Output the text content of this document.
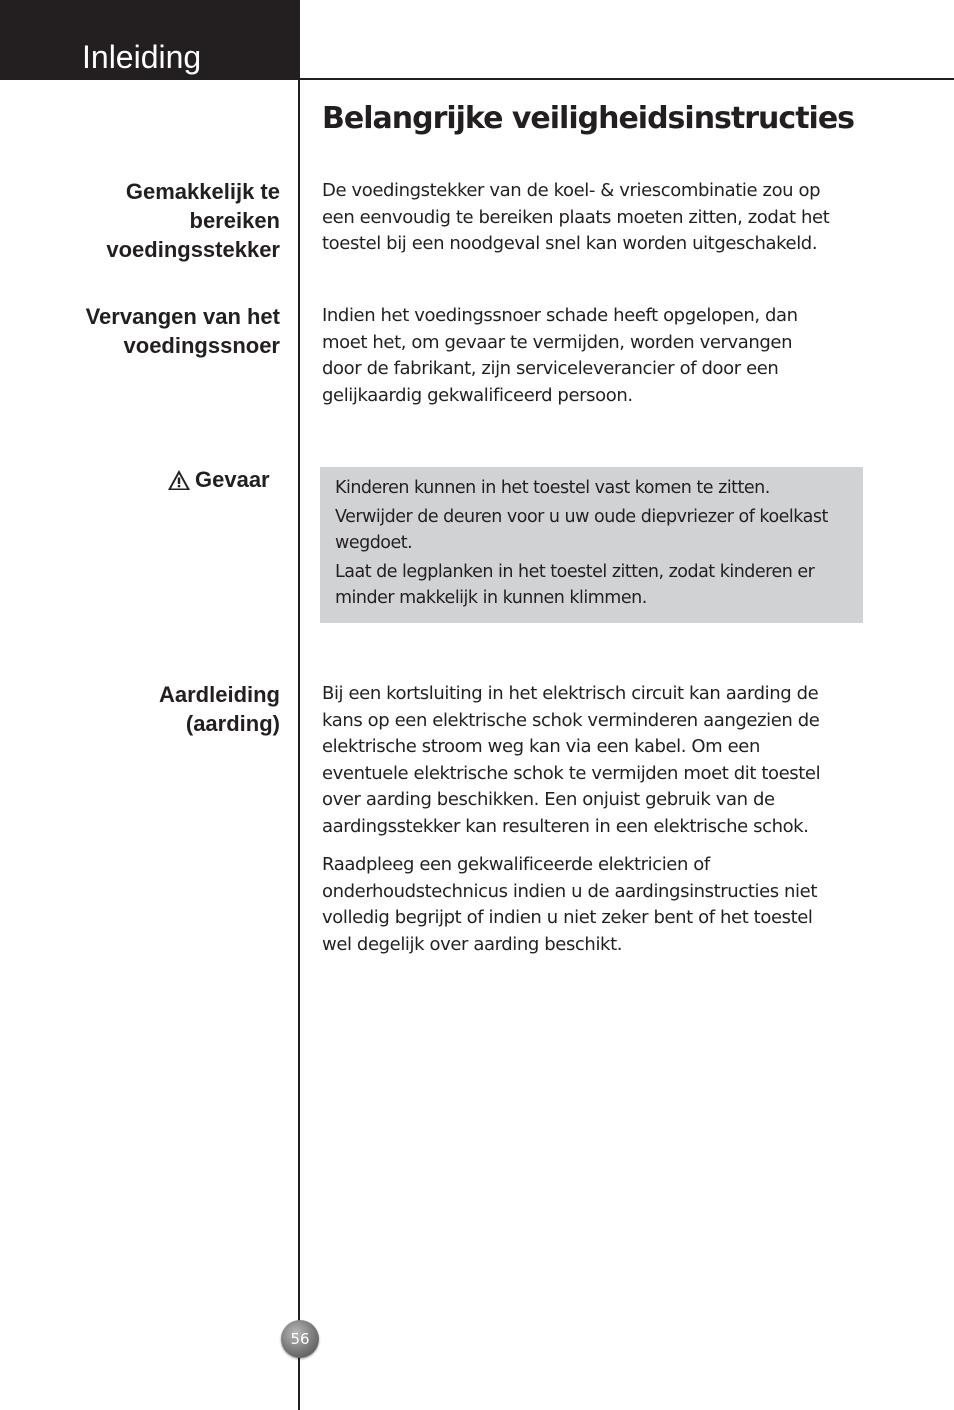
Inleiding
Belangrijke veiligheidsinstructies
Gemakkelijk te
bereiken
voedingsstekker
De voedingstekker van de koel- & vriescombinatie zou op
een eenvoudig te bereiken plaats moeten zitten, zodat het
toestel bij een noodgeval snel kan worden uitgeschakeld.
Vervangen van het
voedingssnoer
Indien het voedingssnoer schade heeft opgelopen, dan
moet het, om gevaar te vermijden, worden vervangen
door de fabrikant, zijn serviceleverancier of door een
gelijkaardig gekwalificeerd persoon.
Gevaar	Kinderen kunnen in het toestel vast komen te zitten.
Verwijder de deuren voor u uw oude diepvriezer of koelkast
wegdoet.
Laat de legplanken in het toestel zitten, zodat kinderen er
minder makkelijk in kunnen klimmen.
Aardleiding
(aarding)
Bij een kortsluiting in het elektrisch circuit kan aarding de
kans op een elektrische schok verminderen aangezien de
elektrische stroom weg kan via een kabel. Om een
eventuele elektrische schok te vermijden moet dit toestel
over aarding beschikken. Een onjuist gebruik van de
aardingsstekker kan resulteren in een elektrische schok.
Raadpleeg een gekwalificeerde elektricien of
onderhoudstechnicus indien u de aardingsinstructies niet
volledig begrijpt of indien u niet zeker bent of het toestel
wel degelijk over aarding beschikt.
56
